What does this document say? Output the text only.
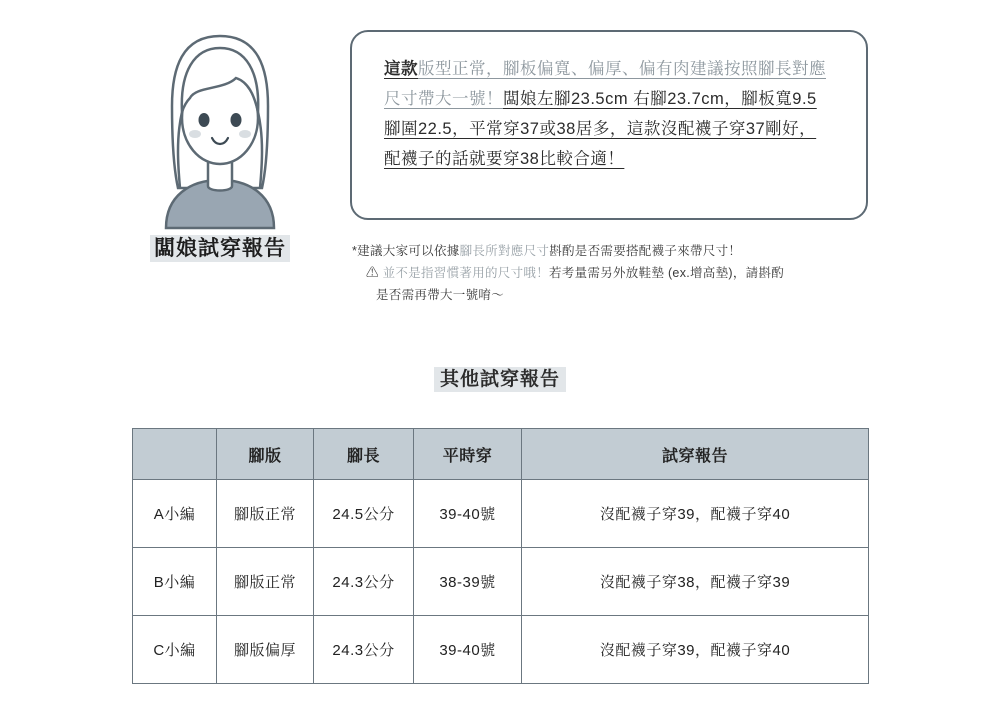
闆娘試穿報告
這款版型正常，腳板偏寬、偏厚、偏有肉建議按照腳長對應
尺寸帶大一號！闆娘左腳23.5cm 右腳23.7cm，腳板寬9.5
腳圍22.5，平常穿37或38居多，這款沒配襪子穿37剛好，
配襪子的話就要穿38比較合適！
*建議大家可以依據腳長所對應尺寸斟酌是否需要搭配襪子來帶尺寸！
⚠ 並不是指習慣著用的尺寸哦！若考量需另外放鞋墊 (ex.增高墊)，請斟酌
是否需再帶大一號唷～
其他試穿報告
	腳版	腳長	平時穿	試穿報告
A小編	腳版正常	24.5公分	39-40號	沒配襪子穿39，配襪子穿40
B小編	腳版正常	24.3公分	38-39號	沒配襪子穿38，配襪子穿39
C小編	腳版偏厚	24.3公分	39-40號	沒配襪子穿39，配襪子穿40
